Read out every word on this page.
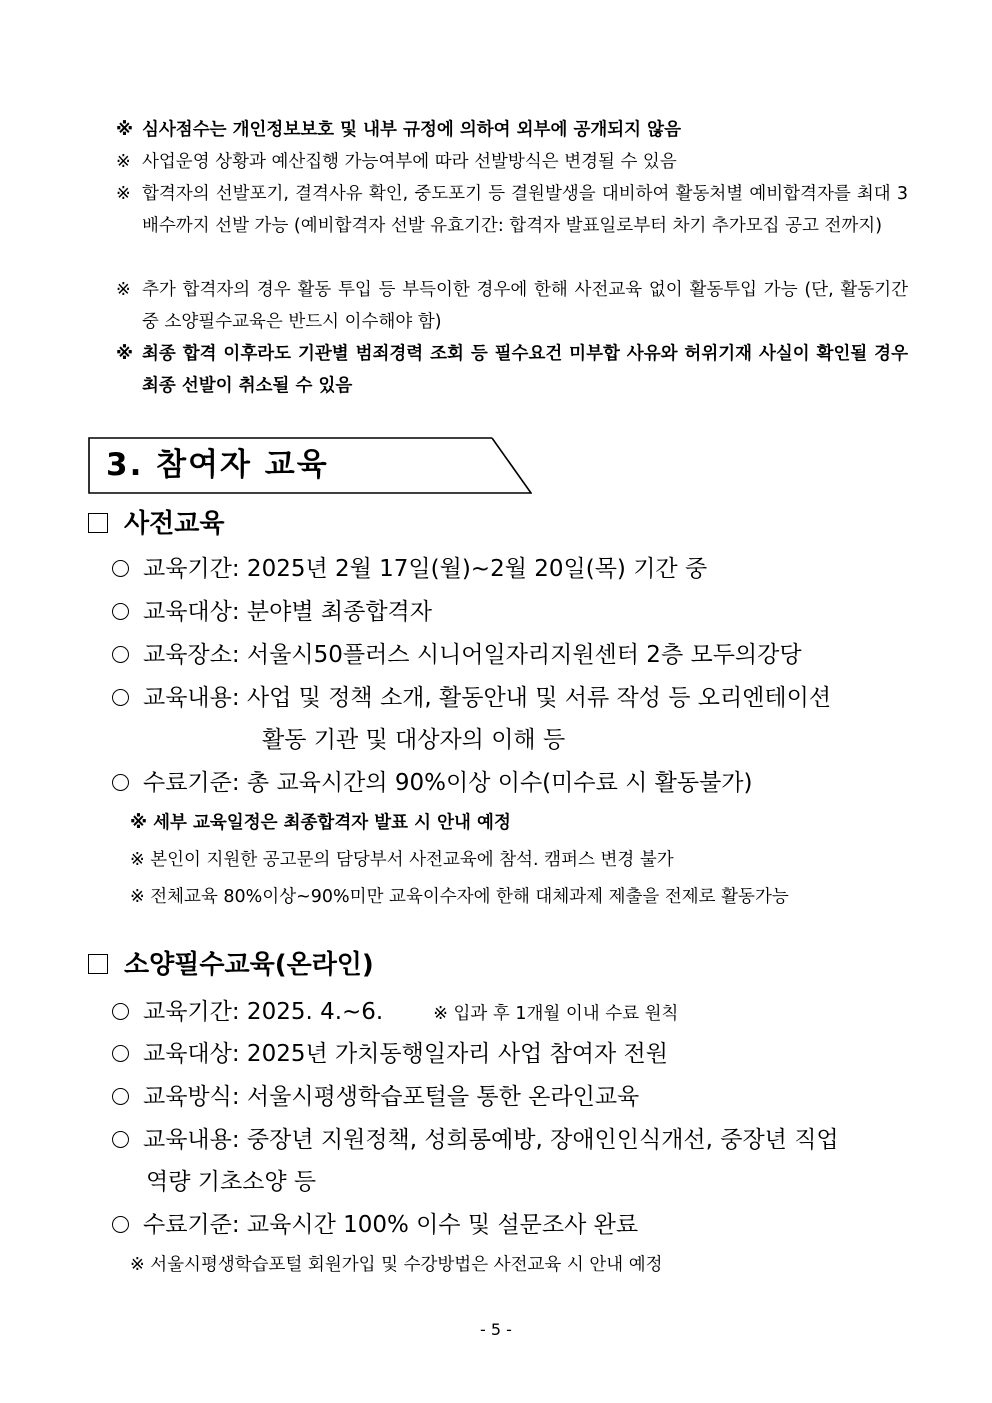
※ 심사점수는 개인정보보호 및 내부 규정에 의하여 외부에 공개되지 않음
※ 사업운영 상황과 예산집행 가능여부에 따라 선발방식은 변경될 수 있음
※ 합격자의 선발포기, 결격사유 확인, 중도포기 등 결원발생을 대비하여 활동처별 예비합격자를 최대 3배수까지 선발 가능 (예비합격자 선발 유효기간: 합격자 발표일로부터 차기 추가모집 공고 전까지)
※ 추가 합격자의 경우 활동 투입 등 부득이한 경우에 한해 사전교육 없이 활동투입 가능 (단, 활동기간 중 소양필수교육은 반드시 이수해야 함)
※ 최종 합격 이후라도 기관별 범죄경력 조회 등 필수요건 미부합 사유와 허위기재 사실이 확인될 경우 최종 선발이 취소될 수 있음
3. 참여자 교육
사전교육
교육기간: 2025년 2월 17일(월)~2월 20일(목) 기간 중
교육대상: 분야별 최종합격자
교육장소: 서울시50플러스 시니어일자리지원센터 2층 모두의강당
교육내용: 사업 및 정책 소개, 활동안내 및 서류 작성 등 오리엔테이션
활동 기관 및 대상자의 이해 등
수료기준: 총 교육시간의 90%이상 이수(미수료 시 활동불가)
※ 세부 교육일정은 최종합격자 발표 시 안내 예정
※ 본인이 지원한 공고문의 담당부서 사전교육에 참석. 캠퍼스 변경 불가
※ 전체교육 80%이상~90%미만 교육이수자에 한해 대체과제 제출을 전제로 활동가능
소양필수교육(온라인)
교육기간: 2025. 4.~6.	※ 입과 후 1개월 이내 수료 원칙
교육대상: 2025년 가치동행일자리 사업 참여자 전원
교육방식: 서울시평생학습포털을 통한 온라인교육
교육내용: 중장년 지원정책, 성희롱예방, 장애인인식개선, 중장년 직업
역량 기초소양 등
수료기준: 교육시간 100% 이수 및 설문조사 완료
※ 서울시평생학습포털 회원가입 및 수강방법은 사전교육 시 안내 예정
- 5 -
